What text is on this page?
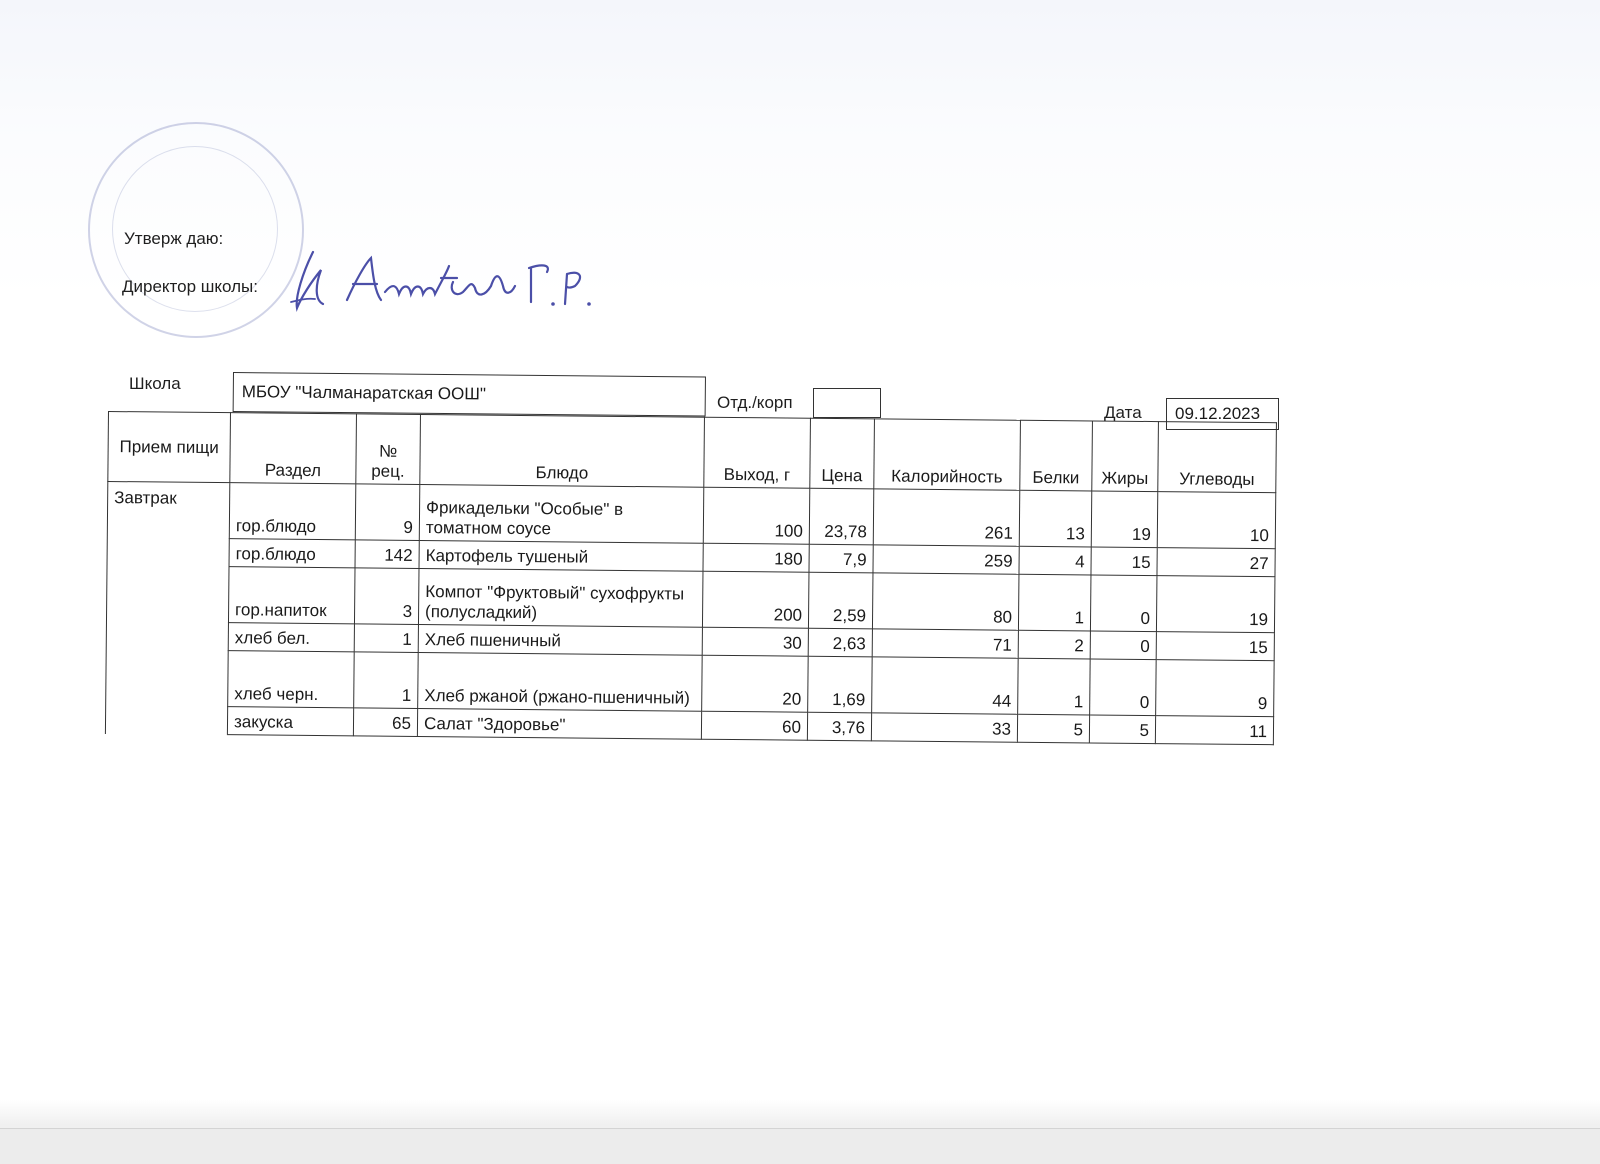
Утверж даю:
Директор школы:
Школа	МБОУ "Чалманаратская ООШ"	Отд./корп
Дата 09.12.2023
Прием пищи	Раздел	№ рец.	Блюдо	Выход, г	Цена	Калорийность	Белки	Жиры	Углеводы
Завтрак	гор.блюдо	9	Фрикадельки "Особые" в томатном соусе	100	23,78	261	13	19	10
	гор.блюдо	142	Картофель тушеный	180	7,9	259	4	15	27
	гор.напиток	3	Компот "Фруктовый" сухофрукты (полусладкий)	200	2,59	80	1	0	19
	хлеб бел.	1	Хлеб пшеничный	30	2,63	71	2	0	15
	хлеб черн.	1	Хлеб ржаной (ржано-пшеничный)	20	1,69	44	1	0	9
	закуска	65	Салат "Здоровье"	60	3,76	33	5	5	11
